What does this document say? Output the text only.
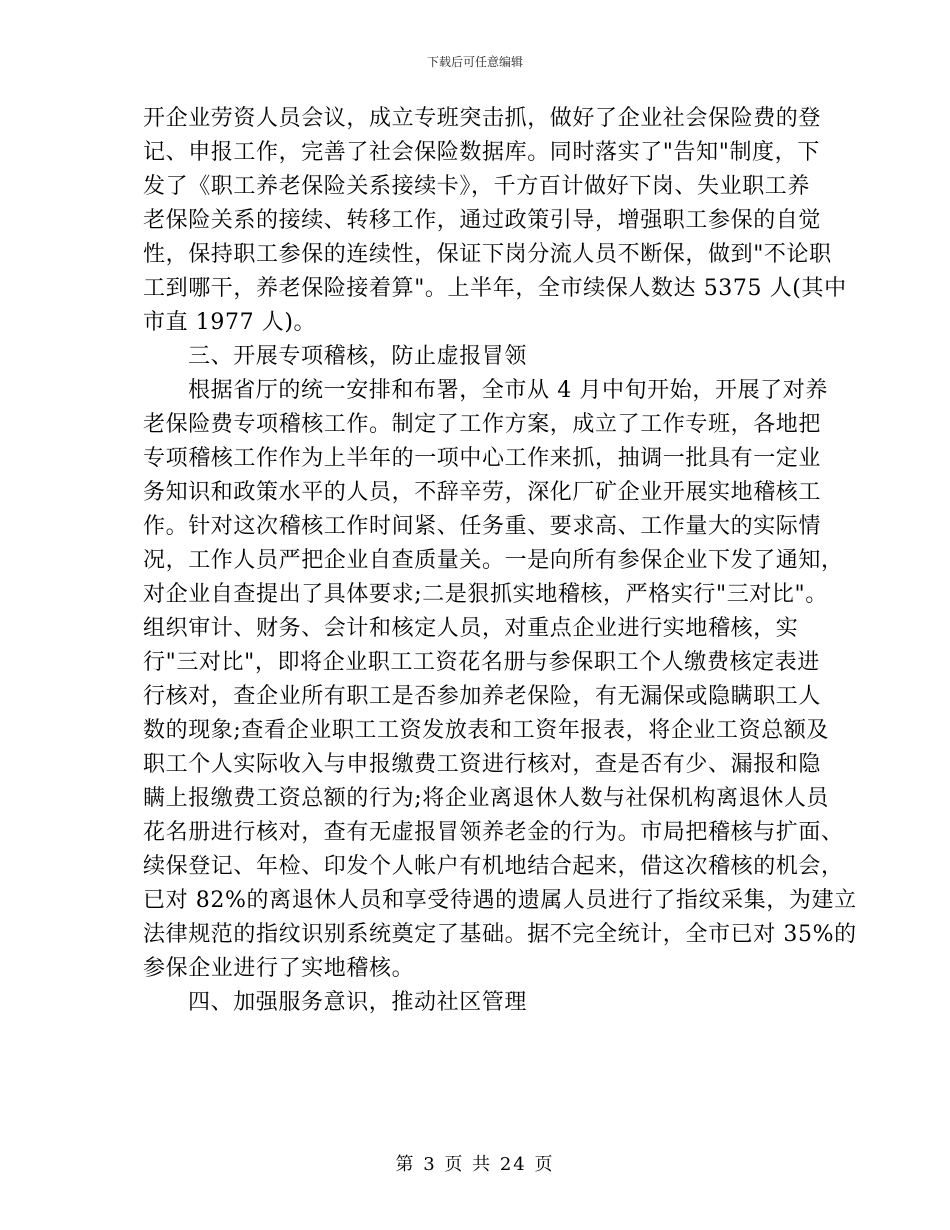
下载后可任意编辑
开企业劳资人员会议，成立专班突击抓，做好了企业社会保险费的登
记、申报工作，完善了社会保险数据库。同时落实了"告知"制度，下
发了《职工养老保险关系接续卡》，千方百计做好下岗、失业职工养
老保险关系的接续、转移工作，通过政策引导，增强职工参保的自觉
性，保持职工参保的连续性，保证下岗分流人员不断保，做到"不论职
工到哪干，养老保险接着算"。上半年，全市续保人数达 5375 人(其中
市直 1977 人)。
三、开展专项稽核，防止虚报冒领
根据省厅的统一安排和布署，全市从 4 月中旬开始，开展了对养
老保险费专项稽核工作。制定了工作方案，成立了工作专班，各地把
专项稽核工作作为上半年的一项中心工作来抓，抽调一批具有一定业
务知识和政策水平的人员，不辞辛劳，深化厂矿企业开展实地稽核工
作。针对这次稽核工作时间紧、任务重、要求高、工作量大的实际情
况，工作人员严把企业自查质量关。一是向所有参保企业下发了通知，
对企业自查提出了具体要求;二是狠抓实地稽核，严格实行"三对比"。
组织审计、财务、会计和核定人员，对重点企业进行实地稽核，实
行"三对比"，即将企业职工工资花名册与参保职工个人缴费核定表进
行核对，查企业所有职工是否参加养老保险，有无漏保或隐瞒职工人
数的现象;查看企业职工工资发放表和工资年报表，将企业工资总额及
职工个人实际收入与申报缴费工资进行核对，查是否有少、漏报和隐
瞒上报缴费工资总额的行为;将企业离退休人数与社保机构离退休人员
花名册进行核对，查有无虚报冒领养老金的行为。市局把稽核与扩面、
续保登记、年检、印发个人帐户有机地结合起来，借这次稽核的机会，
已对 82%的离退休人员和享受待遇的遗属人员进行了指纹采集，为建立
法律规范的指纹识别系统奠定了基础。据不完全统计，全市已对 35%的
参保企业进行了实地稽核。
四、加强服务意识，推动社区管理
第 3 页 共 24 页
